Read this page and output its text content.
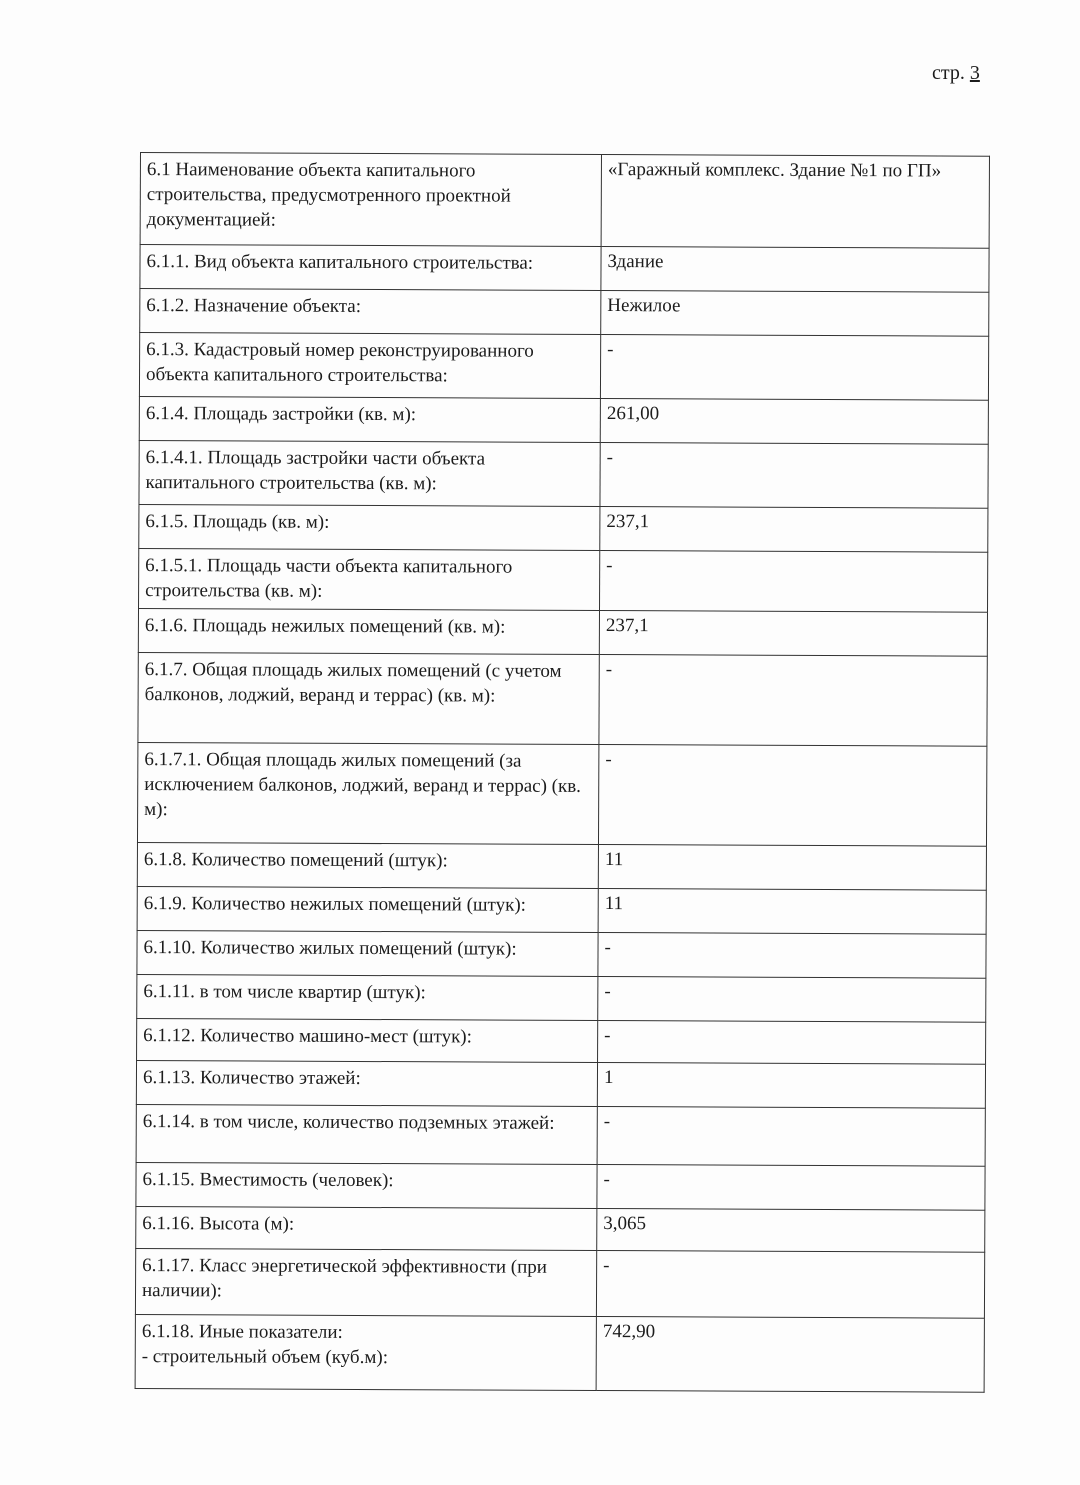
стр. 3
6.1 Наименование объекта капитального строительства, предусмотренного проектной документацией:	«Гаражный комплекс. Здание №1 по ГП»
6.1.1. Вид объекта капитального строительства:	Здание
6.1.2. Назначение объекта:	Нежилое
6.1.3. Кадастровый номер реконструированного объекта капитального строительства:	-
6.1.4. Площадь застройки (кв. м):	261,00
6.1.4.1. Площадь застройки части объекта капитального строительства (кв. м):	-
6.1.5. Площадь (кв. м):	237,1
6.1.5.1. Площадь части объекта капитального строительства (кв. м):	-
6.1.6. Площадь нежилых помещений (кв. м):	237,1
6.1.7. Общая площадь жилых помещений (с учетом балконов, лоджий, веранд и террас) (кв. м):	-
6.1.7.1. Общая площадь жилых помещений (за исключением балконов, лоджий, веранд и террас) (кв. м):	-
6.1.8. Количество помещений (штук):	11
6.1.9. Количество нежилых помещений (штук):	11
6.1.10. Количество жилых помещений (штук):	-
6.1.11. в том числе квартир (штук):	-
6.1.12. Количество машино-мест (штук):	-
6.1.13. Количество этажей:	1
6.1.14. в том числе, количество подземных этажей:	-
6.1.15. Вместимость (человек):	-
6.1.16. Высота (м):	3,065
6.1.17. Класс энергетической эффективности (при наличии):	-
6.1.18. Иные показатели:
- строительный объем (куб.м):	742,90
